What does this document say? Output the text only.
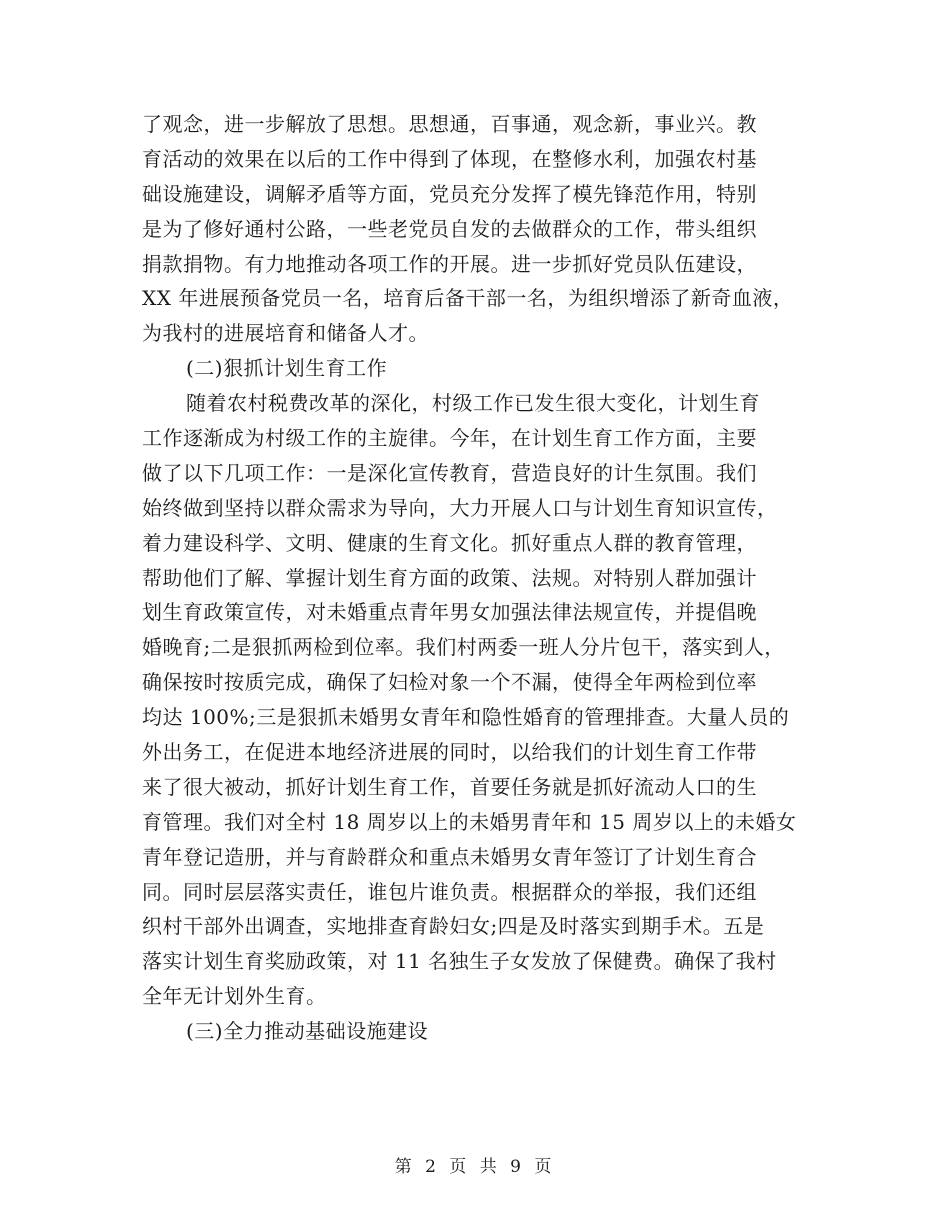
了观念，进一步解放了思想。思想通，百事通，观念新，事业兴。教
育活动的效果在以后的工作中得到了体现，在整修水利，加强农村基
础设施建设，调解矛盾等方面，党员充分发挥了模先锋范作用，特别
是为了修好通村公路，一些老党员自发的去做群众的工作，带头组织
捐款捐物。有力地推动各项工作的开展。进一步抓好党员队伍建设，
XX 年进展预备党员一名，培育后备干部一名，为组织增添了新奇血液，
为我村的进展培育和储备人才。
(二)狠抓计划生育工作
随着农村税费改革的深化，村级工作已发生很大变化，计划生育
工作逐渐成为村级工作的主旋律。今年，在计划生育工作方面，主要
做了以下几项工作：一是深化宣传教育，营造良好的计生氛围。我们
始终做到坚持以群众需求为导向，大力开展人口与计划生育知识宣传，
着力建设科学、文明、健康的生育文化。抓好重点人群的教育管理，
帮助他们了解、掌握计划生育方面的政策、法规。对特别人群加强计
划生育政策宣传，对未婚重点青年男女加强法律法规宣传，并提倡晚
婚晚育;二是狠抓两检到位率。我们村两委一班人分片包干，落实到人，
确保按时按质完成，确保了妇检对象一个不漏，使得全年两检到位率
均达 100%;三是狠抓未婚男女青年和隐性婚育的管理排查。大量人员的
外出务工，在促进本地经济进展的同时，以给我们的计划生育工作带
来了很大被动，抓好计划生育工作，首要任务就是抓好流动人口的生
育管理。我们对全村 18 周岁以上的未婚男青年和 15 周岁以上的未婚女
青年登记造册，并与育龄群众和重点未婚男女青年签订了计划生育合
同。同时层层落实责任，谁包片谁负责。根据群众的举报，我们还组
织村干部外出调查，实地排查育龄妇女;四是及时落实到期手术。五是
落实计划生育奖励政策，对 11 名独生子女发放了保健费。确保了我村
全年无计划外生育。
(三)全力推动基础设施建设
第 2 页 共 9 页
